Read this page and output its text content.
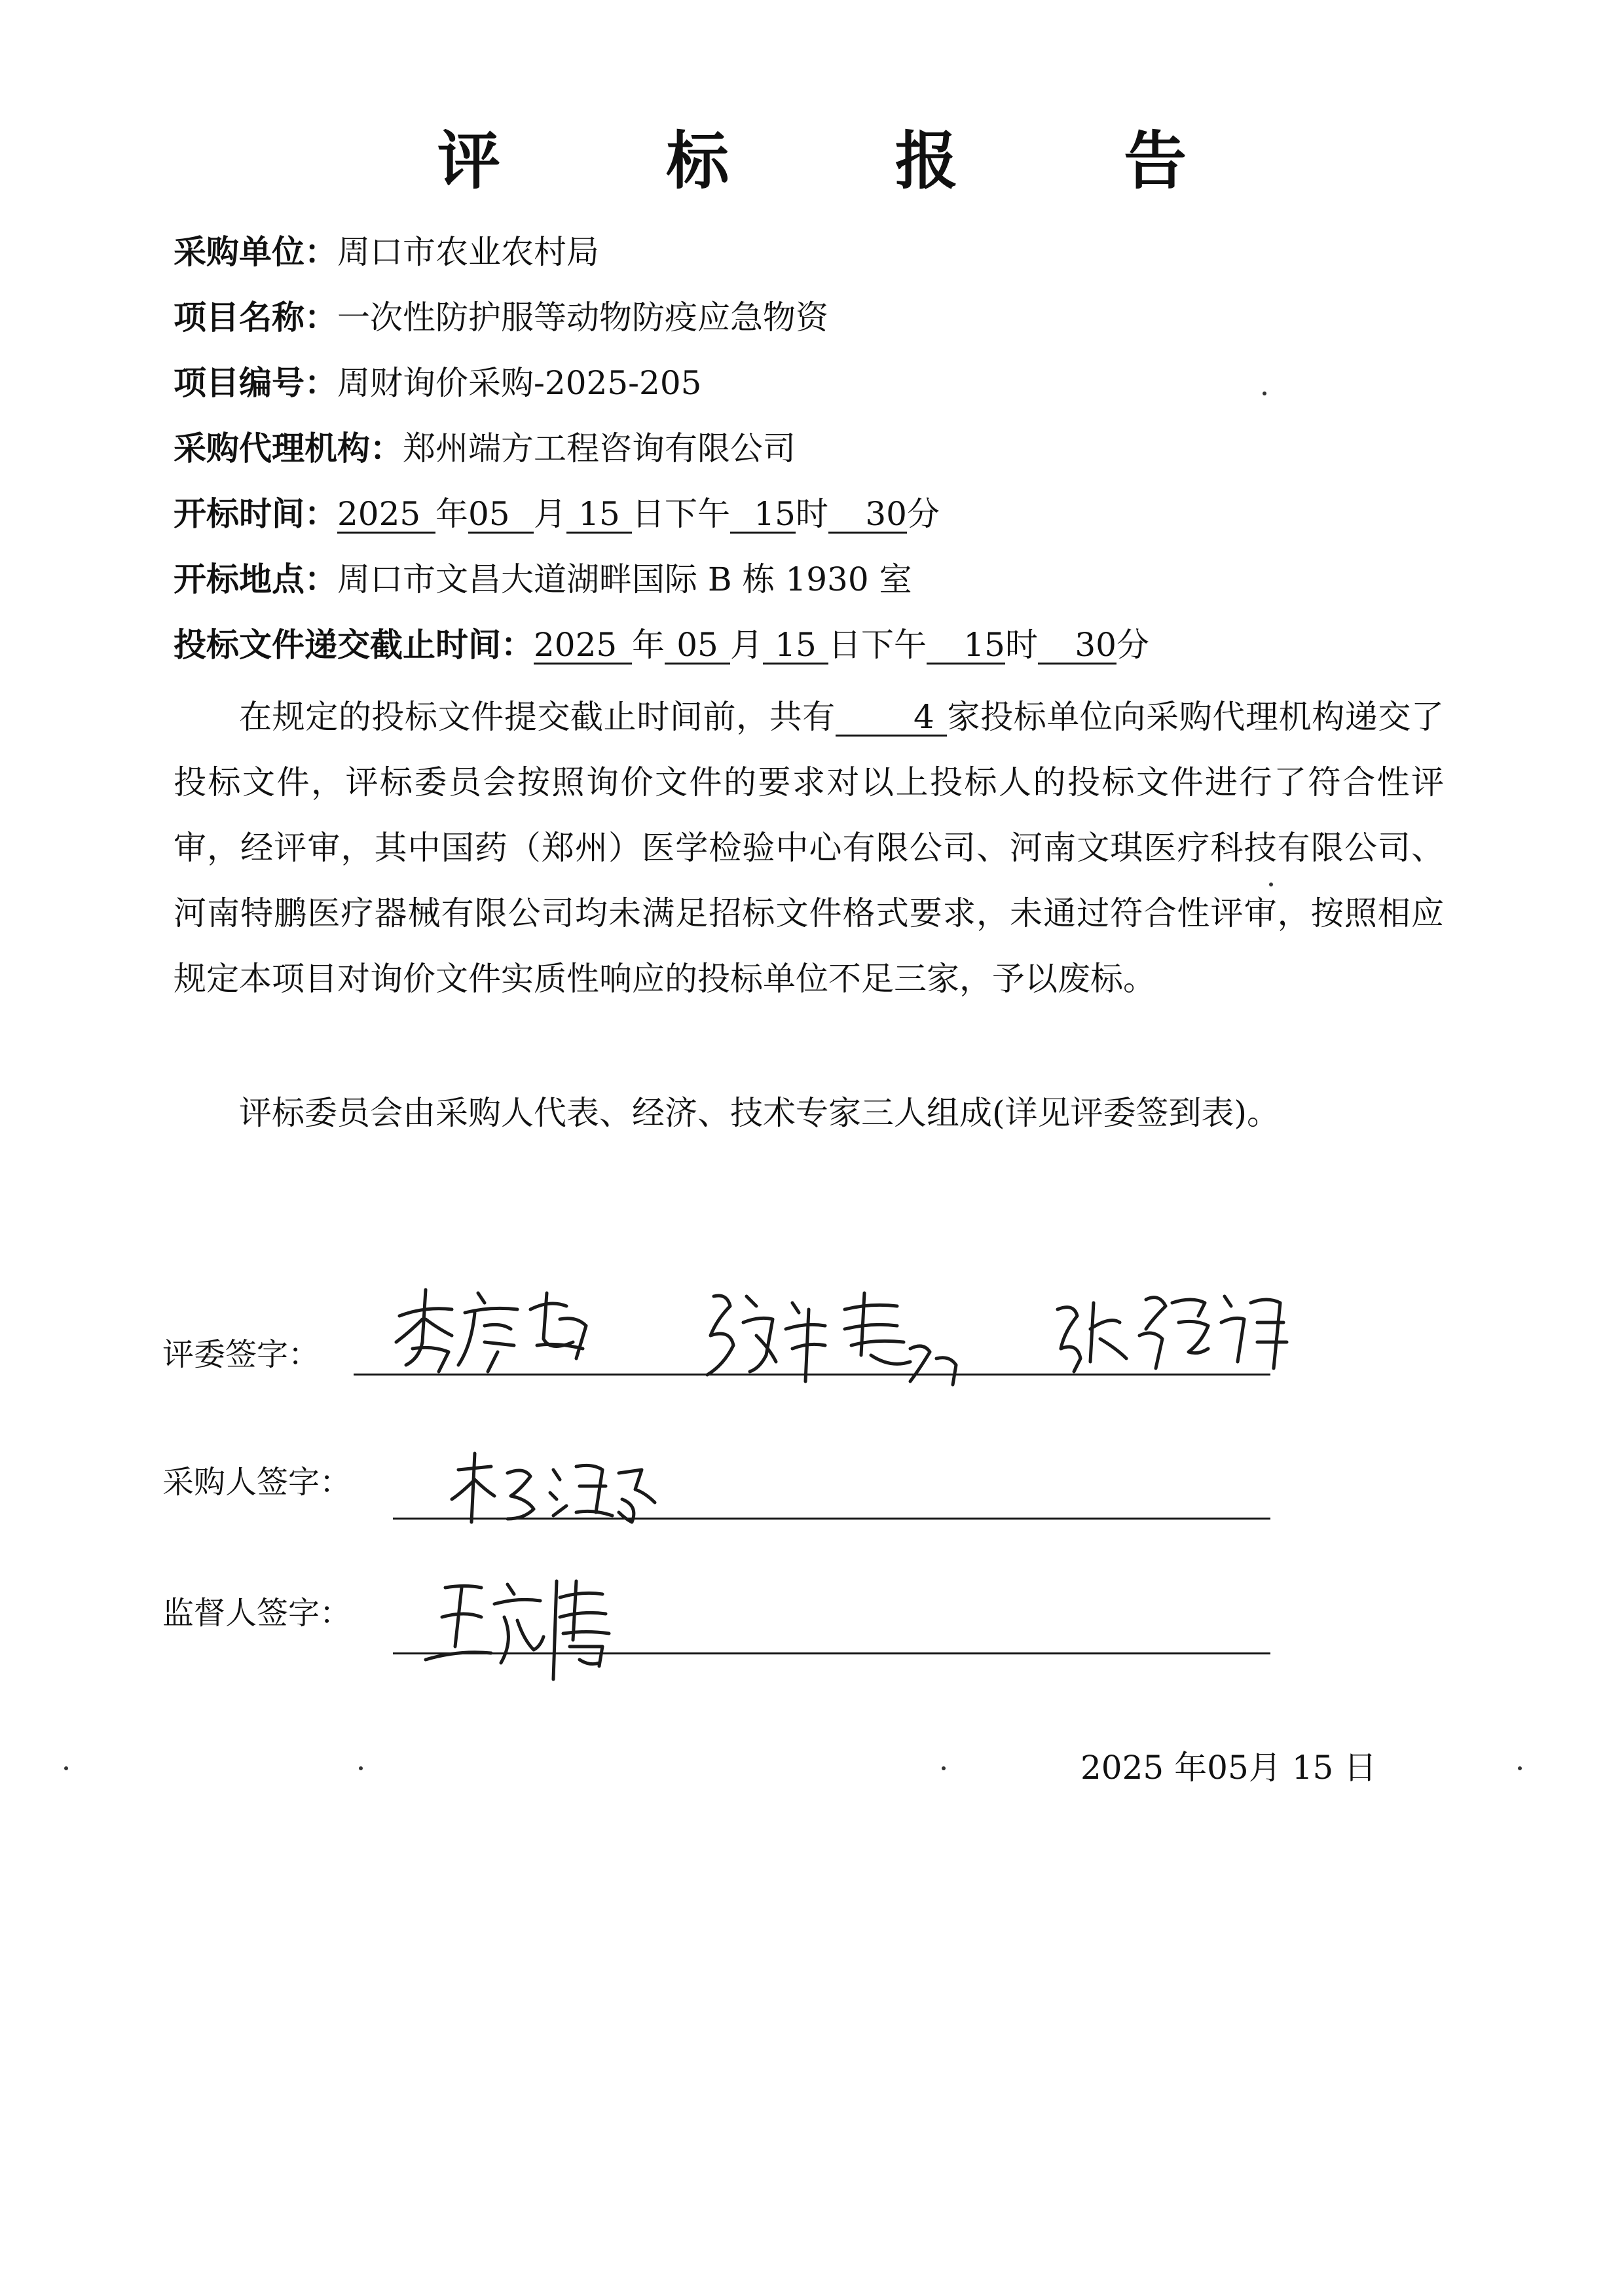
评 标 报 告
采购单位：周口市农业农村局
项目名称：一次性防护服等动物防疫应急物资
项目编号：周财询价采购-2025-205
采购代理机构：郑州端方工程咨询有限公司
开标时间：2025 年05 月 15 日下午 15时 30分
开标地点：周口市文昌大道湖畔国际 B 栋 1930 室
投标文件递交截止时间：2025 年 05 月 15 日下午 15时 30分
在规定的投标文件提交截止时间前，共有 4 家投标单位向采购代理机构递交了投标文件，评标委员会按照询价文件的要求对以上投标人的投标文件进行了符合性评审，经评审，其中国药（郑州）医学检验中心有限公司、河南文琪医疗科技有限公司、河南特鹏医疗器械有限公司均未满足招标文件格式要求，未通过符合性评审，按照相应规定本项目对询价文件实质性响应的投标单位不足三家，予以废标。
评标委员会由采购人代表、经济、技术专家三人组成(详见评委签到表)。
评委签字：
采购人签字：
监督人签字：
2025 年05月 15 日
